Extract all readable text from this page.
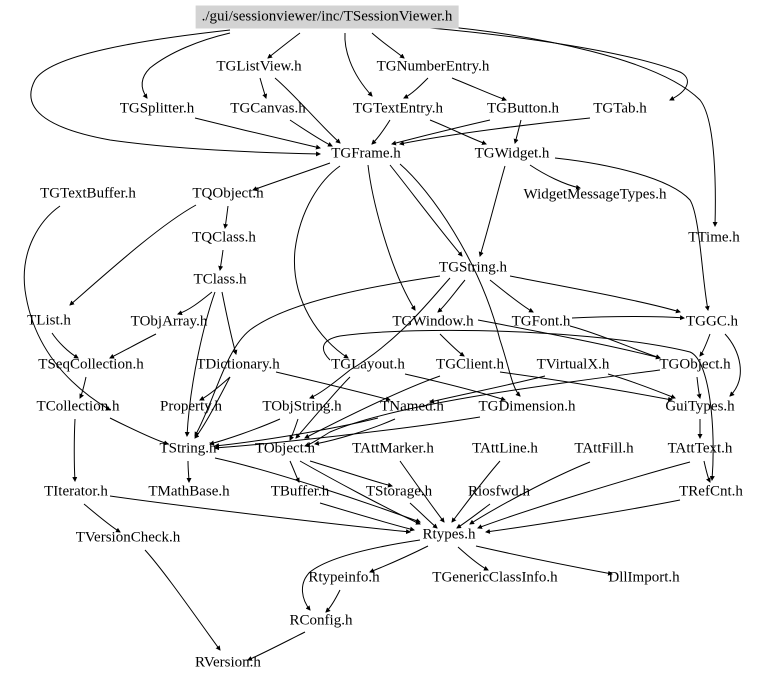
./gui/sessionviewer/inc/TSessionViewer.h
TGListView.h	TGNumberEntry.h
TGSplitter.h TGCanvas.h	TGTextEntry.h	TGButton.h TGTab.h
TGFrame.h	TGWidget.h
TGTextBuffer.h	TQObject.h	WidgetMessageTypes.h
TQClass.h	TTime.h
TClass.h
TGString.h
TGWindow.h	TGFont.h	TGGC.h
TList.h	TObjArray.h
TSeqCollection.h	TDictionary.h	TGLayout.h TGClient.h TVirtualX.h	TGObject.h
TCollection.h	Property.h	TObjString.h	TNamed.h TGDimension.h	GuiTypes.h
TString.h	TObject.h TAttMarker.h	TAttLine.h TAttFill.h TAttText.h
TIterator.h	TMathBase.h	TBuffer.h TStorage.h Riosfwd.h	TRefCnt.h
TVersionCheck.h	Rtypes.h
Rtypeinfo.h	TGenericClassInfo.h	DllImport.h
RConfig.h
RVersion.h
